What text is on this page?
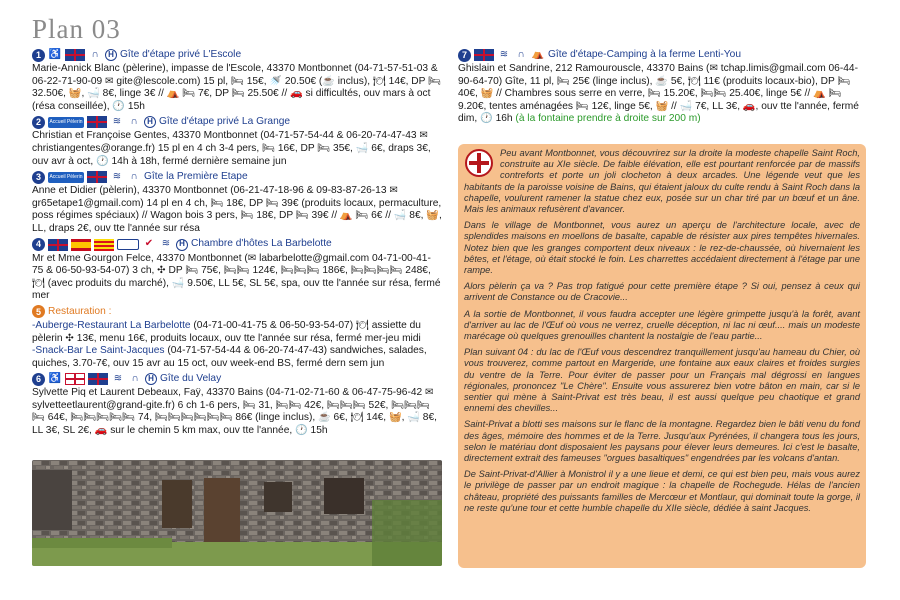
Plan 03
1 ♿	∩	H Gîte d'étape privé L'Escole
Marie-Annick Blanc (pèlerine), impasse de l'Escole, 43370 Montbonnet (04-71-57-51-03 & 06-22-71-90-09 ✉ gite@lescole.com) 15 pl, 🛏 15€, 🚿 20.50€ (☕ inclus), 🍽 14€, DP 🛏 32.50€, 🧺, 🛁 8€, linge 3€ // ⛺ 🛏 7€, DP 🛏 25.50€ // 🚗 si difficultés, ouv mars à oct (résa conseillée), 🕐 15h
2	Accueil Pèlerin	≋ ∩	H Gîte d'étape privé La Grange
Christian et Françoise Gentes, 43370 Montbonnet (04-71-57-54-44 & 06-20-74-47-43 ✉ christiangentes@orange.fr) 15 pl en 4 ch 3-4 pers, 🛏 16€, DP 🛏 35€, 🛁 6€, draps 3€, ouv avr à oct, 🕐 14h à 18h, fermé dernière semaine jun
3	Accueil Pèlerin	≋ ∩ Gîte la Première Etape
Anne et Didier (pèlerin), 43370 Montbonnet (06-21-47-18-96 & 09-83-87-26-13 ✉ gr65etape1@gmail.com) 14 pl en 4 ch, 🛏 18€, DP 🛏 39€ (produits locaux, permaculture, poss régimes spéciaux) // Wagon bois 3 pers, 🛏 18€, DP 🛏 39€ // ⛺ 🛏 6€ // 🛁 8€, 🧺, LL, draps 2€, ouv tte l'année sur résa
4	✔ ≋	H Chambre d'hôtes La Barbelotte
Mr et Mme Gourgon Felce, 43370 Montbonnet (✉ labarbelotte@gmail.com 04-71-00-41-75 & 06-50-93-54-07) 3 ch, ✣ DP 🛏 75€, 🛏🛏 124€, 🛏🛏🛏 186€, 🛏🛏🛏🛏 248€, 🍽 (avec produits du marché), 🛁 9.50€, LL 5€, SL 5€, spa, ouv tte l'année sur résa, fermé mer
5 Restauration :
-Auberge-Restaurant La Barbelotte (04-71-00-41-75 & 06-50-93-54-07) 🍽 assiette du pèlerin ✣ 13€, menu 16€, produits locaux, ouv tte l'année sur résa, fermé mer-jeu midi
-Snack-Bar Le Saint-Jacques (04-71-57-54-44 & 06-20-74-47-43) sandwiches, salades, quiches, 3.70-7€, ouv 15 avr au 15 oct, ouv week-end BS, fermé dern sem jun
6 ♿	≋ ∩	H Gîte du Velay
Sylvette Piq et Laurent Debeaux, Faÿ, 43370 Bains (04-71-02-71-60 & 06-47-75-96-42 ✉ sylvetteetlaurent@grand-gite.fr) 6 ch 1-6 pers, 🛏 31, 🛏🛏 42€, 🛏🛏🛏 52€, 🛏🛏🛏🛏 64€, 🛏🛏🛏🛏🛏 74, 🛏🛏🛏🛏🛏🛏 86€ (linge inclus), ☕ 6€, 🍽 14€, 🧺, 🛁 8€, LL 3€, SL 2€, 🚗 sur le chemin 5 km max, ouv tte l'année, 🕐 15h
7	≋ ∩ ⛺ Gîte d'étape-Camping à la ferme Lenti-You
Ghislain et Sandrine, 212 Ramourouscle, 43370 Bains (✉ tchap.limis@gmail.com 06-44-90-64-70) Gîte, 11 pl, 🛏 25€ (linge inclus), ☕ 5€, 🍽 11€ (produits locaux-bio), DP 🛏 40€, 🧺 // Chambres sous serre en verre, 🛏 15.20€, 🛏🛏 25.40€, linge 5€ // ⛺ 🛏 9.20€, tentes aménagées 🛏 12€, linge 5€, 🧺 // 🛁 7€, LL 3€, 🚗, ouv tte l'année, fermé dim, 🕐 16h (à la fontaine prendre à droite sur 200 m)

Peu avant Montbonnet, vous découvrirez sur la droite la modeste chapelle Saint Roch, construite au XIe siècle. De faible élévation, elle est pourtant renforcée par de massifs contreforts et porte un joli clocheton à deux arcades. Une légende veut que les habitants de la paroisse voisine de Bains, qui étaient jaloux du culte rendu à Saint Roch dans la chapelle, voulurent ramener la statue chez eux, posée sur un char tiré par un bœuf et un âne. Mais les animaux refusèrent d'avancer.

Dans le village de Montbonnet, vous aurez un aperçu de l'architecture locale, avec de splendides maisons en moellons de basalte, capable de résister aux pires tempêtes hivernales. Notez bien que les granges comportent deux niveaux : le rez-de-chaussée, où hivernaient les bêtes, et l'étage, où était stocké le foin. Les charrettes accédaient directement à l'étage par une rampe.

Alors pèlerin ça va ? Pas trop fatigué pour cette première étape ? Si oui, pensez à ceux qui arrivent de Constance ou de Cracovie...

A la sortie de Montbonnet, il vous faudra accepter une légère grimpette jusqu'à la forêt, avant d'arriver au lac de l'Œuf où vous ne verrez, cruelle déception, ni lac ni œuf.... mais un modeste marécage où quelques grenouilles chantent la nostalgie de l'eau partie...

Plan suivant 04 : du lac de l'Œuf vous descendrez tranquillement jusqu'au hameau du Chier, où vous trouverez, comme partout en Margeride, une fontaine aux eaux claires et froides surgies du ventre de la Terre. Pour éviter de passer pour un Français mal dégrossi en langues régionales, prononcez "Le Chère". Ensuite vous assurerez bien votre bâton en main, car si le sentier qui mène à Saint-Privat est très beau, il est aussi quelque peu chaotique et grand ennemi des chevilles...

Saint-Privat a blotti ses maisons sur le flanc de la montagne. Regardez bien le bâti venu du fond des âges, mémoire des hommes et de la Terre. Jusqu'aux Pyrénées, il changera tous les jours, selon le matériau dont disposaient les paysans pour élever leurs demeures. Ici c'est le basalte, directement extrait des fameuses "orgues basaltiques" engendrées par les volcans d'antan.

De Saint-Privat-d'Allier à Monistrol il y a une lieue et demi, ce qui est bien peu, mais vous aurez le privilège de passer par un endroit magique : la chapelle de Rochegude. Hélas de l'ancien château, propriété des puissants familles de Mercœur et Montlaur, qui dominait toute la gorge, il ne reste qu'une tour et cette humble chapelle du XIIe siècle, dédiée à saint Jacques.
